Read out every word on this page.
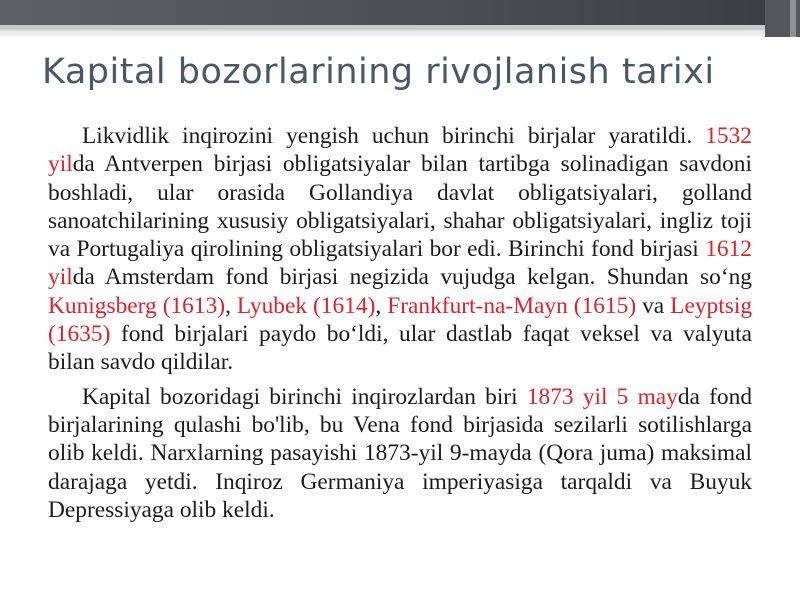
Kapital bozorlarining rivojlanish tarixi

Likvidlik inqirozini yengish uchun birinchi birjalar yaratildi. 1532 yilda Antverpen birjasi obligatsiyalar bilan tartibga solinadigan savdoni boshladi, ular orasida Gollandiya davlat obligatsiyalari, golland sanoatchilarining xususiy obligatsiyalari, shahar obligatsiyalari, ingliz toji va Portugaliya qirolining obligatsiyalari bor edi. Birinchi fond birjasi 1612 yilda Amsterdam fond birjasi negizida vujudga kelgan. Shundan so‘ng Kunigsberg (1613), Lyubek (1614), Frankfurt-na-Mayn (1615) va Leyptsig (1635) fond birjalari paydo bo‘ldi, ular dastlab faqat veksel va valyuta bilan savdo qildilar.

Kapital bozoridagi birinchi inqirozlardan biri 1873 yil 5 mayda fond birjalarining qulashi bo'lib, bu Vena fond birjasida sezilarli sotilishlarga olib keldi. Narxlarning pasayishi 1873-yil 9-mayda (Qora juma) maksimal darajaga yetdi. Inqiroz Germaniya imperiyasiga tarqaldi va Buyuk Depressiyaga olib keldi.
